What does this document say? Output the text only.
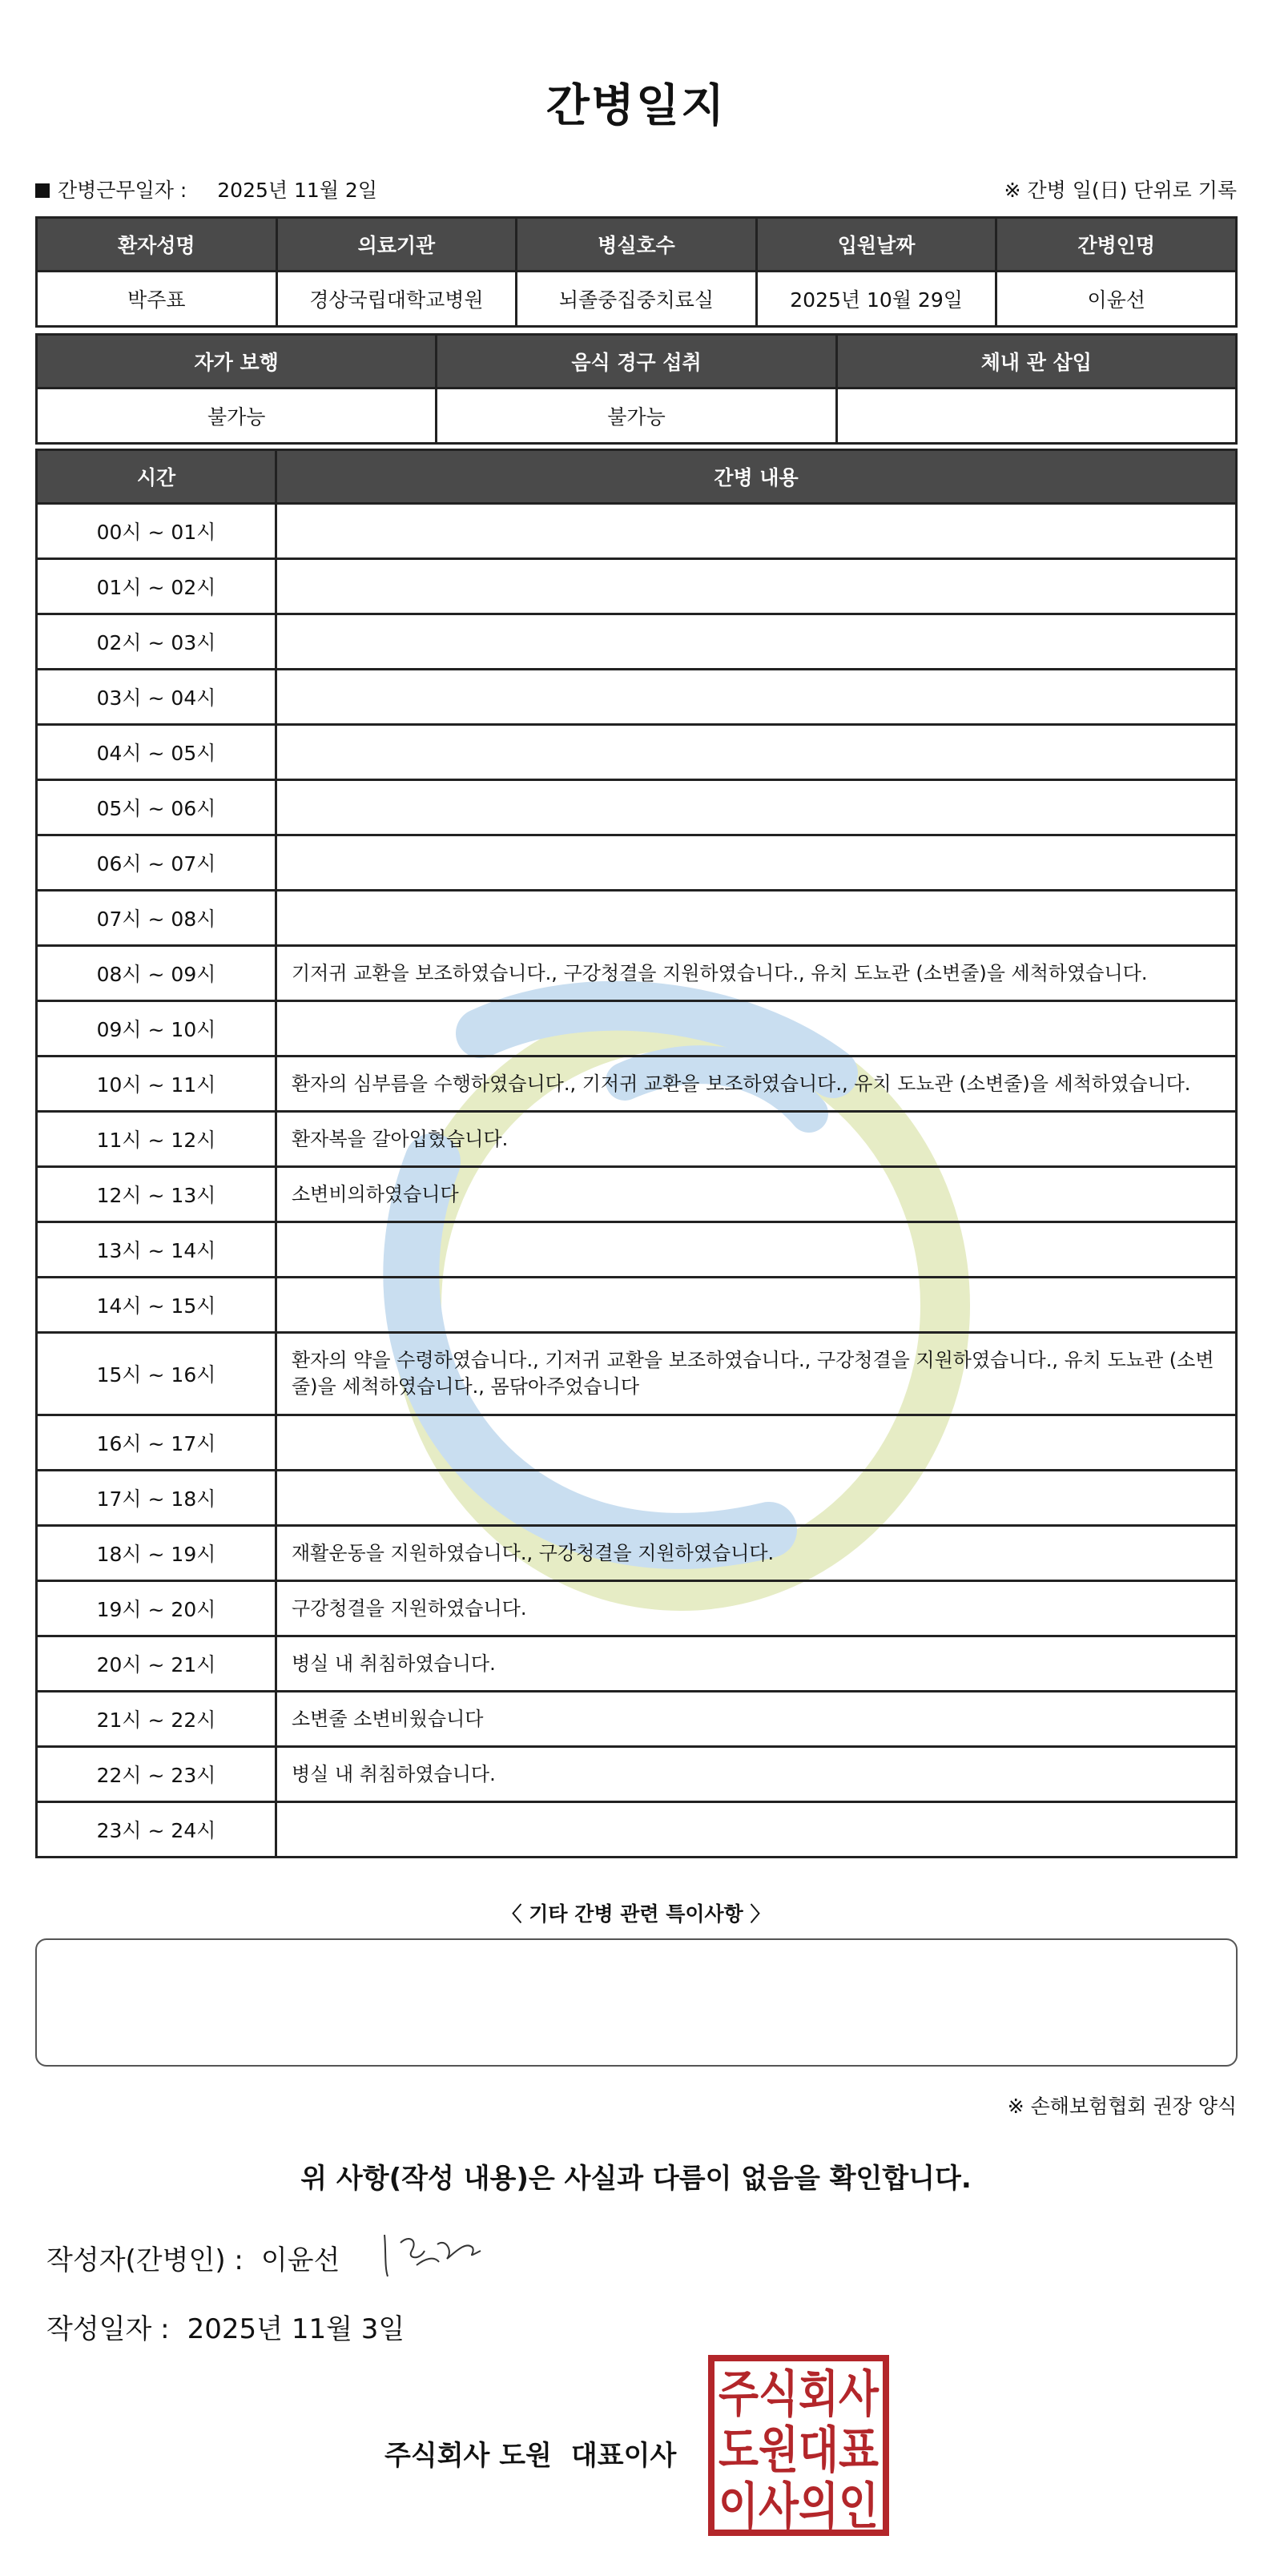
간병일지
간병근무일자 : 2025년 11월 2일	※ 간병 일(日) 단위로 기록
환자성명	의료기관	병실호수	입원날짜	간병인명
박주표	경상국립대학교병원	뇌졸중집중치료실	2025년 10월 29일	이윤선
자가 보행	음식 경구 섭취	체내 관 삽입
불가능	불가능	
시간	간병 내용
00시 ~ 01시	
01시 ~ 02시	
02시 ~ 03시	
03시 ~ 04시	
04시 ~ 05시	
05시 ~ 06시	
06시 ~ 07시	
07시 ~ 08시	
08시 ~ 09시	기저귀 교환을 보조하였습니다., 구강청결을 지원하였습니다., 유치 도뇨관 (소변줄)을 세척하였습니다.
09시 ~ 10시	
10시 ~ 11시	환자의 심부름을 수행하였습니다., 기저귀 교환을 보조하였습니다., 유치 도뇨관 (소변줄)을 세척하였습니다.
11시 ~ 12시	환자복을 갈아입혔습니다.
12시 ~ 13시	소변비의하였습니다
13시 ~ 14시	
14시 ~ 15시	
15시 ~ 16시	환자의 약을 수령하였습니다., 기저귀 교환을 보조하였습니다., 구강청결을 지원하였습니다., 유치 도뇨관 (소변줄)을 세척하였습니다., 몸닦아주었습니다
16시 ~ 17시	
17시 ~ 18시	
18시 ~ 19시	재활운동을 지원하였습니다., 구강청결을 지원하였습니다.
19시 ~ 20시	구강청결을 지원하였습니다.
20시 ~ 21시	병실 내 취침하였습니다.
21시 ~ 22시	소변줄 소변비웠습니다
22시 ~ 23시	병실 내 취침하였습니다.
23시 ~ 24시	
〈 기타 간병 관련 특이사항 〉
※ 손해보험협회 권장 양식
위 사항(작성 내용)은 사실과 다름이 없음을 확인합니다.
작성자(간병인) : 이윤선
작성일자 : 2025년 11월 3일
주식회사 도원 대표이사
주식회사
도원대표
이사의인
